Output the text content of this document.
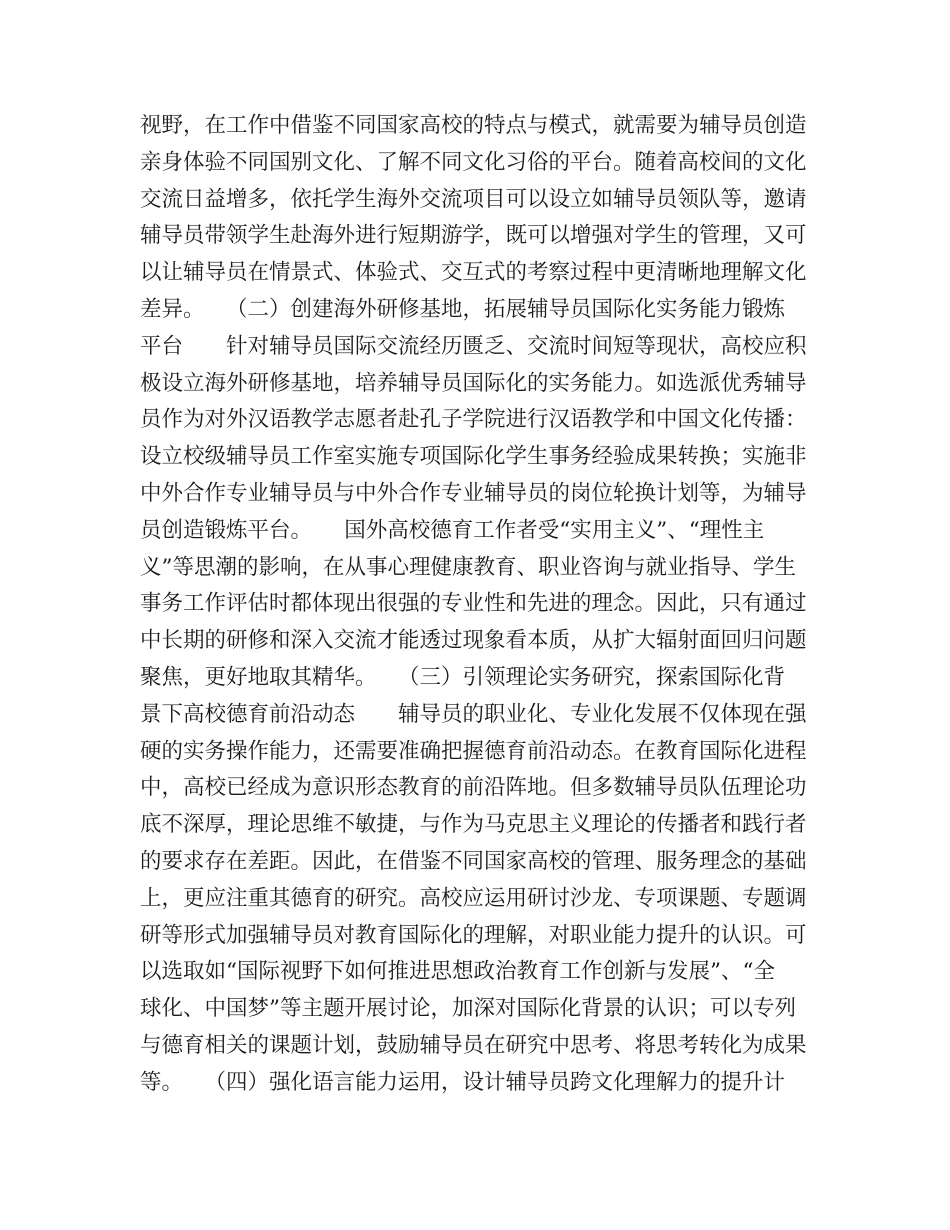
视野，在工作中借鉴不同国家高校的特点与模式，就需要为辅导员创造
亲身体验不同国别文化、了解不同文化习俗的平台。随着高校间的文化
交流日益增多，依托学生海外交流项目可以设立如辅导员领队等，邀请
辅导员带领学生赴海外进行短期游学，既可以增强对学生的管理，又可
以让辅导员在情景式、体验式、交互式的考察过程中更清晰地理解文化
差异。　　（二）创建海外研修基地，拓展辅导员国际化实务能力锻炼
平台　　针对辅导员国际交流经历匮乏、交流时间短等现状，高校应积
极设立海外研修基地，培养辅导员国际化的实务能力。如选派优秀辅导
员作为对外汉语教学志愿者赴孔子学院进行汉语教学和中国文化传播：
设立校级辅导员工作室实施专项国际化学生事务经验成果转换；实施非
中外合作专业辅导员与中外合作专业辅导员的岗位轮换计划等，为辅导
员创造锻炼平台。　　国外高校德育工作者受“实用主义”、“理性主
义”等思潮的影响，在从事心理健康教育、职业咨询与就业指导、学生
事务工作评估时都体现出很强的专业性和先进的理念。因此，只有通过
中长期的研修和深入交流才能透过现象看本质，从扩大辐射面回归问题
聚焦，更好地取其精华。　　（三）引领理论实务研究，探索国际化背
景下高校德育前沿动态　　辅导员的职业化、专业化发展不仅体现在强
硬的实务操作能力，还需要准确把握德育前沿动态。在教育国际化进程
中，高校已经成为意识形态教育的前沿阵地。但多数辅导员队伍理论功
底不深厚，理论思维不敏捷，与作为马克思主义理论的传播者和践行者
的要求存在差距。因此，在借鉴不同国家高校的管理、服务理念的基础
上，更应注重其德育的研究。高校应运用研讨沙龙、专项课题、专题调
研等形式加强辅导员对教育国际化的理解，对职业能力提升的认识。可
以选取如“国际视野下如何推进思想政治教育工作创新与发展”、“全
球化、中国梦”等主题开展讨论，加深对国际化背景的认识；可以专列
与德育相关的课题计划，鼓励辅导员在研究中思考、将思考转化为成果
等。　　（四）强化语言能力运用，设计辅导员跨文化理解力的提升计
